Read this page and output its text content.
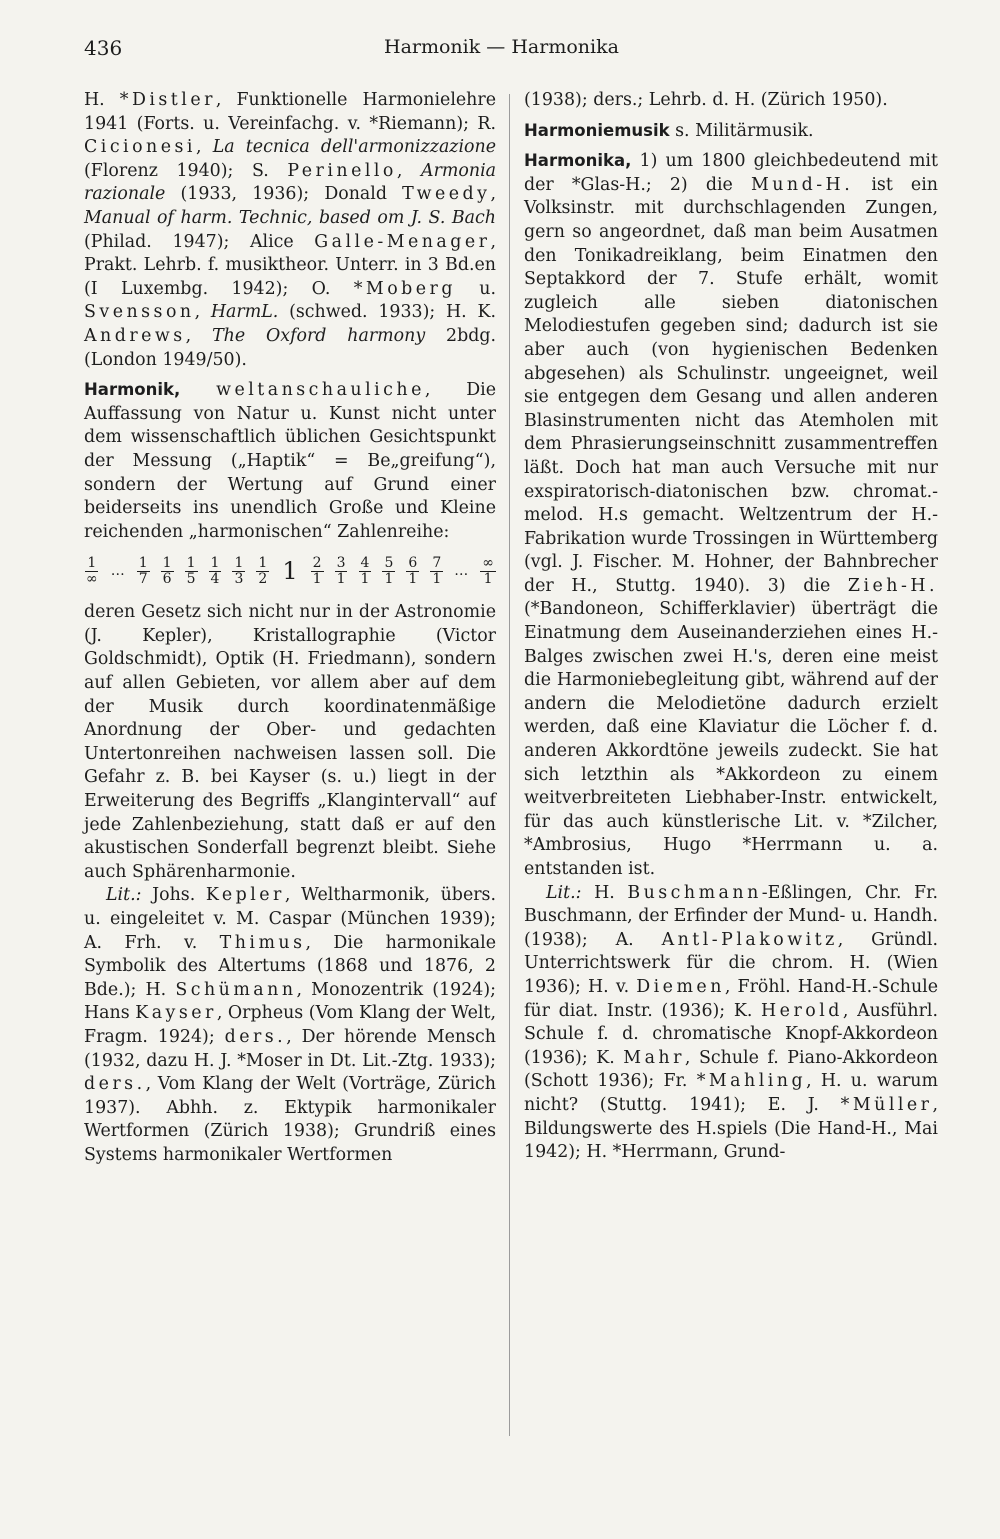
436	Harmonik — Harmonika

H. *Distler, Funktionelle Harmonielehre 1941 (Forts. u. Vereinfachg. v. *Riemann); R. Cicionesi, La tecnica dell'armonizzazione (Florenz 1940); S. Perinello, Armonia razionale (1933, 1936); Donald Tweedy, Manual of harm. Technic, based om J. S. Bach (Philad. 1947); Alice Galle-Menager, Prakt. Lehrb. f. musiktheor. Unterr. in 3 Bd.en (I Luxembg. 1942); O. *Moberg u. Svensson, HarmL. (schwed. 1933); H. K. Andrews, The Oxford harmony 2bdg. (London 1949/50).

Harmonik, weltanschauliche, Die Auffassung von Natur u. Kunst nicht unter dem wissenschaftlich üblichen Gesichtspunkt der Messung („Haptik“ = Be„greifung“), sondern der Wertung auf Grund einer beiderseits ins unendlich Große und Kleine reichenden „harmonischen“ Zahlenreihe:

$\frac{1}{\infty}$ … $\frac{1}{7} \frac{1}{6} \frac{1}{5} \frac{1}{4} \frac{1}{3} \frac{1}{2} 1 \frac{2}{1} \frac{3}{1} \frac{4}{1} \frac{5}{1} \frac{6}{1} \frac{7}{1}$ … $\frac{\infty}{1}$

deren Gesetz sich nicht nur in der Astronomie (J. Kepler), Kristallographie (Victor Goldschmidt), Optik (H. Friedmann), sondern auf allen Gebieten, vor allem aber auf dem der Musik durch koordinatenmäßige Anordnung der Ober- und gedachten Untertonreihen nachweisen lassen soll. Die Gefahr z. B. bei Kayser (s. u.) liegt in der Erweiterung des Begriffs „Klangintervall“ auf jede Zahlenbeziehung, statt daß er auf den akustischen Sonderfall begrenzt bleibt. Siehe auch Sphärenharmonie.

Lit.: Johs. Kepler, Weltharmonik, übers. u. eingeleitet v. M. Caspar (München 1939); A. Frh. v. Thimus, Die harmonikale Symbolik des Altertums (1868 und 1876, 2 Bde.); H. Schümann, Monozentrik (1924); Hans Kayser, Orpheus (Vom Klang der Welt, Fragm. 1924); ders., Der hörende Mensch (1932, dazu H. J. *Moser in Dt. Lit.-Ztg. 1933); ders., Vom Klang der Welt (Vorträge, Zürich 1937). Abhh. z. Ektypik harmonikaler Wertformen (Zürich 1938); Grundriß eines Systems harmonikaler Wertformen

(1938); ders.; Lehrb. d. H. (Zürich 1950).

Harmoniemusik s. Militärmusik.

Harmonika, 1) um 1800 gleichbedeutend mit der *Glas-H.; 2) die Mund-H. ist ein Volksinstr. mit durchschlagenden Zungen, gern so angeordnet, daß man beim Ausatmen den Tonikadreiklang, beim Einatmen den Septakkord der 7. Stufe erhält, womit zugleich alle sieben diatonischen Melodiestufen gegeben sind; dadurch ist sie aber auch (von hygienischen Bedenken abgesehen) als Schulinstr. ungeeignet, weil sie entgegen dem Gesang und allen anderen Blasinstrumenten nicht das Atemholen mit dem Phrasierungseinschnitt zusammentreffen läßt. Doch hat man auch Versuche mit nur exspiratorisch-diatonischen bzw. chromat.-melod. H.s gemacht. Weltzentrum der H.-Fabrikation wurde Trossingen in Württemberg (vgl. J. Fischer. M. Hohner, der Bahnbrecher der H., Stuttg. 1940). 3) die Zieh-H. (*Bandoneon, Schifferklavier) überträgt die Einatmung dem Auseinanderziehen eines H.-Balges zwischen zwei H.'s, deren eine meist die Harmoniebegleitung gibt, während auf der andern die Melodietöne dadurch erzielt werden, daß eine Klaviatur die Löcher f. d. anderen Akkordtöne jeweils zudeckt. Sie hat sich letzthin als *Akkordeon zu einem weitverbreiteten Liebhaber-Instr. entwickelt, für das auch künstlerische Lit. v. *Zilcher, *Ambrosius, Hugo *Herrmann u. a. entstanden ist.

Lit.: H. Buschmann-Eßlingen, Chr. Fr. Buschmann, der Erfinder der Mund- u. Handh. (1938); A. Antl-Plakowitz, Gründl. Unterrichtswerk für die chrom. H. (Wien 1936); H. v. Diemen, Fröhl. Hand-H.-Schule für diat. Instr. (1936); K. Herold, Ausführl. Schule f. d. chromatische Knopf-Akkordeon (1936); K. Mahr, Schule f. Piano-Akkordeon (Schott 1936); Fr. *Mahling, H. u. warum nicht? (Stuttg. 1941); E. J. *Müller, Bildungswerte des H.spiels (Die Hand-H., Mai 1942); H. *Herrmann, Grund-
